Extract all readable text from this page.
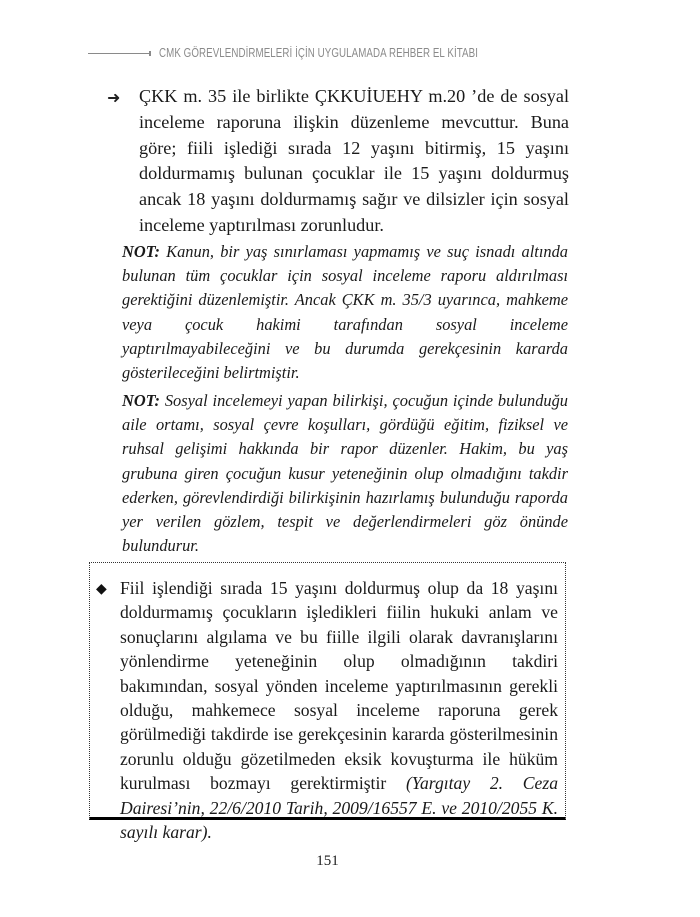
CMK GÖREVLENDİRMELERİ İÇİN UYGULAMADA REHBER EL KİTABI
➜	ÇKK m. 35 ile birlikte ÇKKUİUEHY m.20 ’de de sosyal inceleme raporuna ilişkin düzenleme mevcuttur. Buna göre; fiili işlediği sırada 12 yaşını bitirmiş, 15 yaşını doldurmamış bulunan çocuklar ile 15 yaşını doldurmuş ancak 18 yaşını doldurmamış sağır ve dilsizler için sosyal inceleme yaptırılması zorunludur.
NOT: Kanun, bir yaş sınırlaması yapmamış ve suç isnadı altında bulunan tüm çocuklar için sosyal inceleme raporu aldırılması gerektiğini düzenlemiştir. Ancak ÇKK m. 35/3 uyarınca, mahkeme veya çocuk hakimi tarafından sosyal inceleme yaptırılmayabileceğini ve bu durumda gerekçesinin kararda gösterileceğini belirtmiştir.
NOT: Sosyal incelemeyi yapan bilirkişi, çocuğun içinde bulunduğu aile ortamı, sosyal çevre koşulları, gördüğü eğitim, fiziksel ve ruhsal gelişimi hakkında bir rapor düzenler. Hakim, bu yaş grubuna giren çocuğun kusur yeteneğinin olup olmadığını takdir ederken, görevlendirdiği bilirkişinin hazırlamış bulunduğu raporda yer verilen gözlem, tespit ve değerlendirmeleri göz önünde bulundurur.
◆ Fiil işlendiği sırada 15 yaşını doldurmuş olup da 18 yaşını doldurmamış çocukların işledikleri fiilin hukuki anlam ve sonuçlarını algılama ve bu fiille ilgili olarak davranışlarını yönlendirme yeteneğinin olup olmadığının takdiri bakımından, sosyal yönden inceleme yaptırılmasının gerekli olduğu, mahkemece sosyal inceleme raporuna gerek görülmediği takdirde ise gerekçesinin kararda gösterilmesinin zorunlu olduğu gözetilmeden eksik kovuşturma ile hüküm kurulması bozmayı gerektirmiştir (Yargıtay 2. Ceza Dairesi’nin, 22/6/2010 Tarih, 2009/16557 E. ve 2010/2055 K. sayılı karar).
151
